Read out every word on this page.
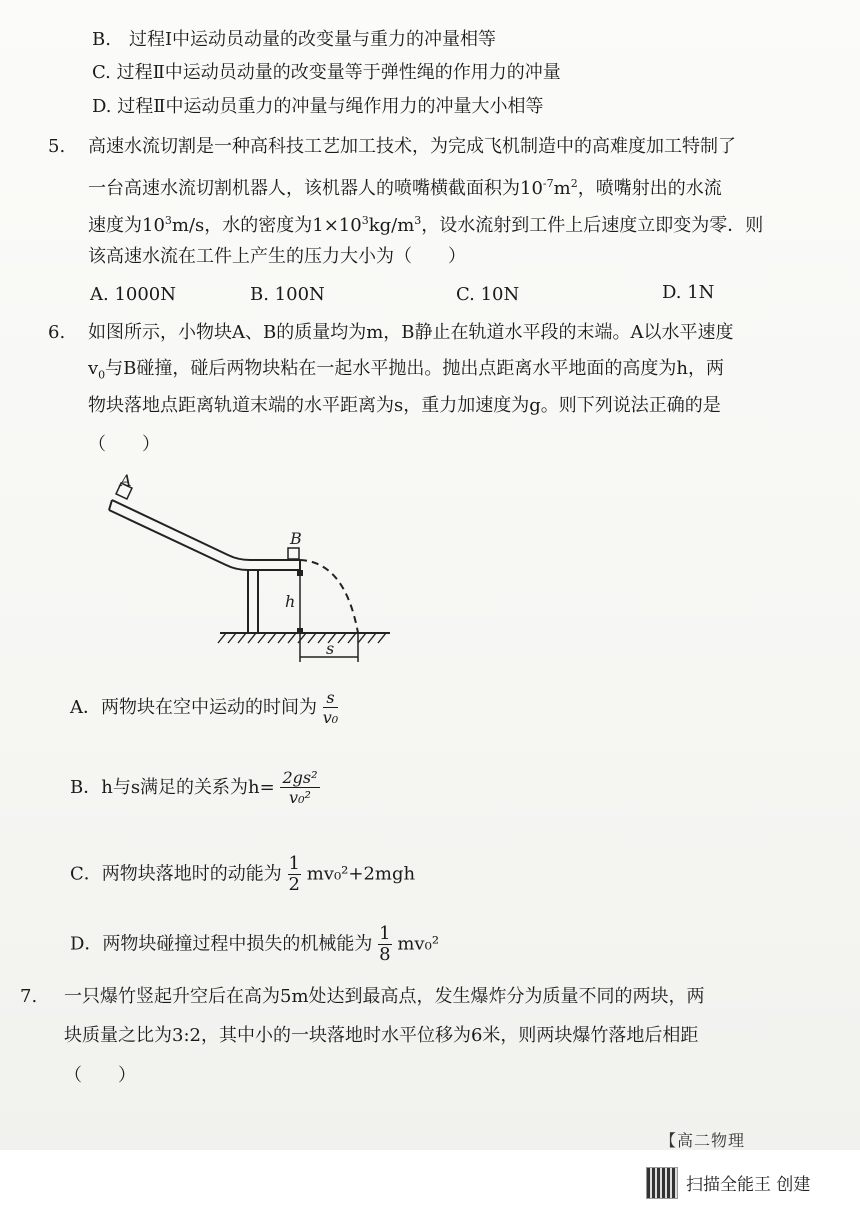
B.　过程Ⅰ中运动员动量的改变量与重力的冲量相等
C. 过程Ⅱ中运动员动量的改变量等于弹性绳的作用力的冲量
D. 过程Ⅱ中运动员重力的冲量与绳作用力的冲量大小相等
5. 高速水流切割是一种高科技工艺加工技术，为完成飞机制造中的高难度加工特制了
一台高速水流切割机器人，该机器人的喷嘴横截面积为$10^{-7}m^2$，喷嘴射出的水流
速度为$10^3m/s$，水的密度为$1\times 10^3kg/m^3$，设水流射到工件上后速度立即变为零．则
该高速水流在工件上产生的压力大小为（　　）
A. 1000N	B. 100N	C. 10N	D. 1N
6. 如图所示，小物块A、B的质量均为m，B静止在轨道水平段的末端。A以水平速度
$v_0$与B碰撞，碰后两物块粘在一起水平抛出。抛出点距离水平地面的高度为h，两
物块落地点距离轨道末端的水平距离为s，重力加速度为g。则下列说法正确的是
（　　）
A
B
h
s
A．两物块在空中运动的时间为 $\frac{s}{\text{v₀}}$
B．h与s满足的关系为$h= \frac{\text{2gs²}}{\text{v₀²}}$
C．两物块落地时的动能为 $\frac{1}{2} mv_0^2+2mgh$
D．两物块碰撞过程中损失的机械能为 $\frac{1}{8} mv_0^2$
7. 一只爆竹竖起升空后在高为5m处达到最高点，发生爆炸分为质量不同的两块，两
块质量之比为3:2，其中小的一块落地时水平位移为6米，则两块爆竹落地后相距
（　　）
【高二物理　　　
扫描全能王 创建
